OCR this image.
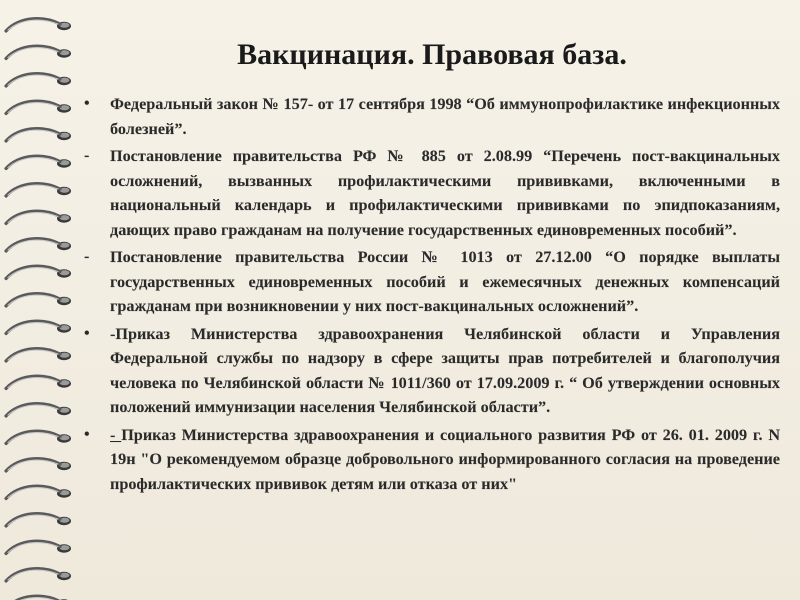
Вакцинация. Правовая база.
• Федеральный закон № 157- от 17 сентября 1998 “Об иммунопрофилактике инфекционных болезней”.
- Постановление правительства РФ № 885 от 2.08.99 “Перечень пост-вакцинальных осложнений, вызванных профилактическими прививками, включенными в национальный календарь и профилактическими прививками по эпидпоказаниям, дающих право гражданам на получение государственных единовременных пособий”.
- Постановление правительства России № 1013 от 27.12.00 “О порядке выплаты государственных единовременных пособий и ежемесячных денежных компенсаций гражданам при возникновении у них пост-вакцинальных осложнений”.
• -Приказ Министерства здравоохранения Челябинской области и Управления Федеральной службы по надзору в сфере защиты прав потребителей и благополучия человека по Челябинской области № 1011/360 от 17.09.2009 г. “ Об утверждении основных положений иммунизации населения Челябинской области”.
• - Приказ Министерства здравоохранения и социального развития РФ от 26. 01. 2009 г. N 19н "О рекомендуемом образце добровольного информированного согласия на проведение профилактических прививок детям или отказа от них"
